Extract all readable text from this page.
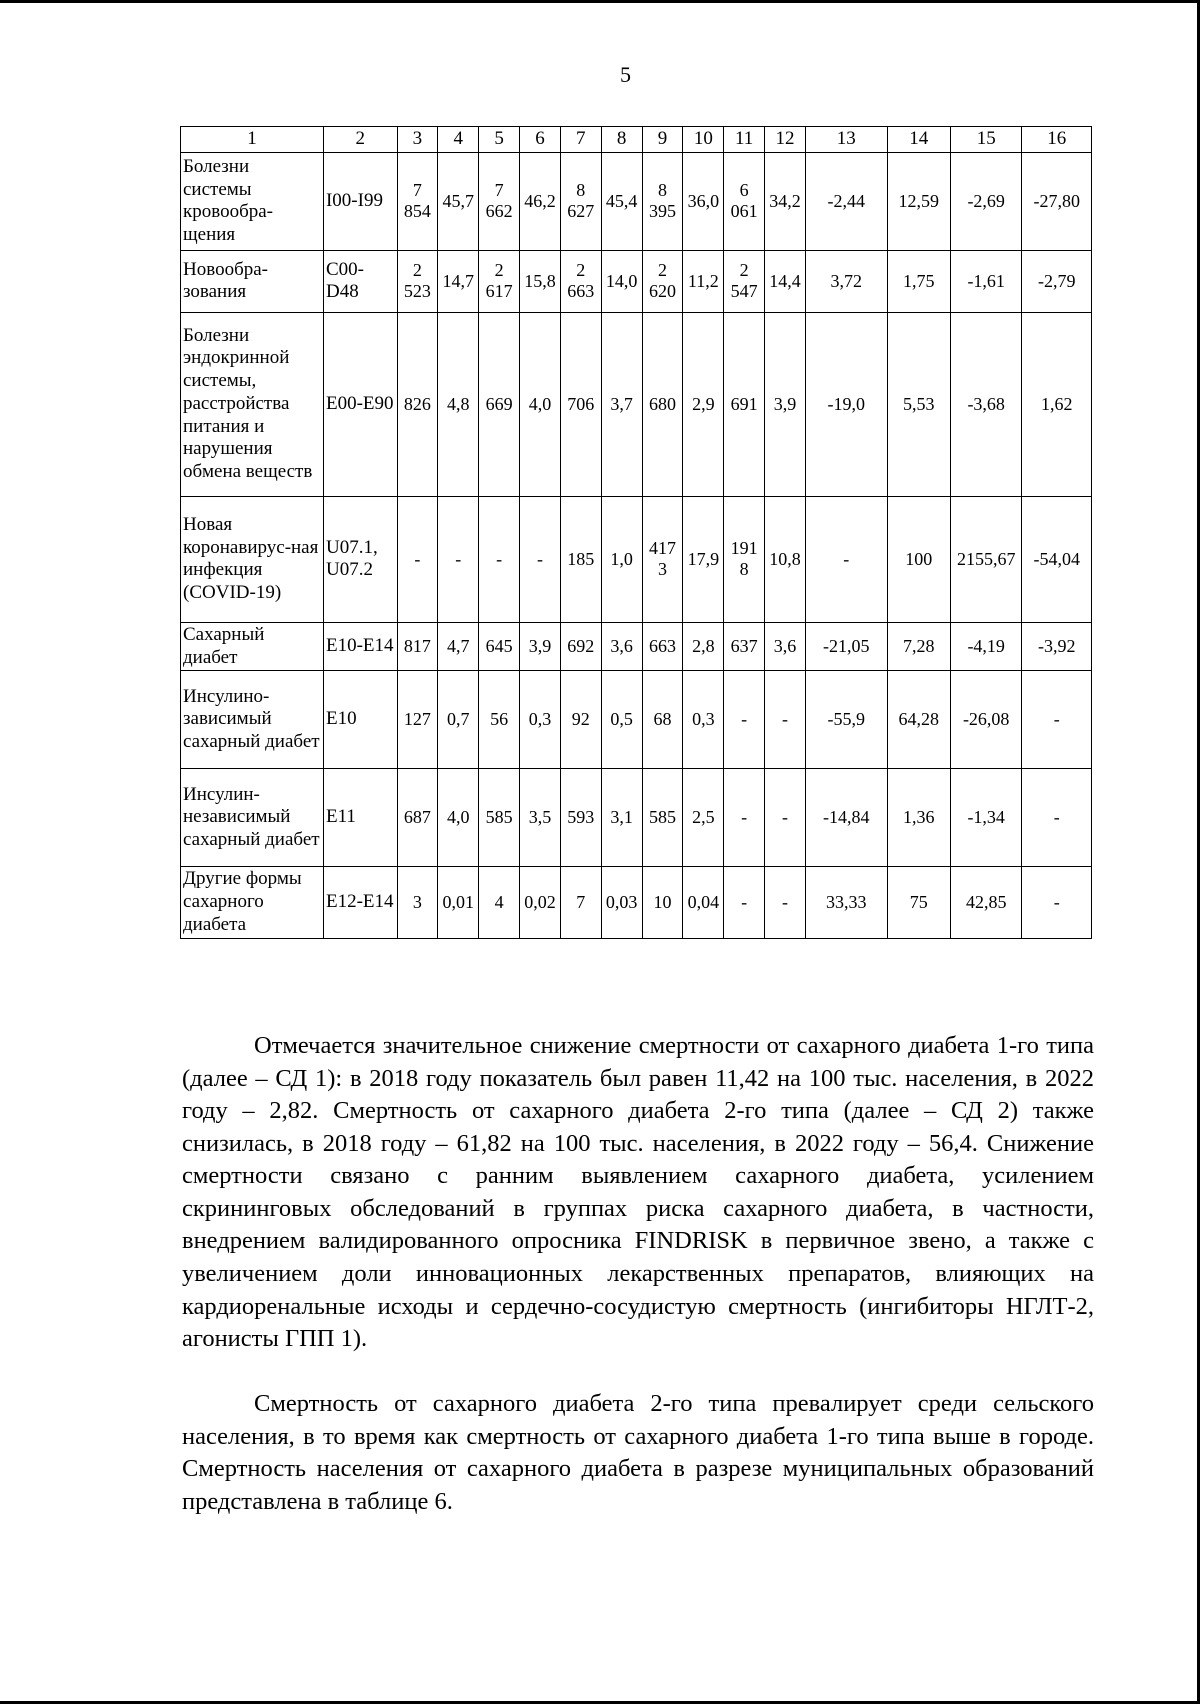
5
1	2	3	4	5	6	7	8	9	10	11	12	13	14	15	16
Болезни системы кровообра-щения	I00-I99	7 854	45,7	7 662	46,2	8 627	45,4	8 395	36,0	6 061	34,2	-2,44	12,59	-2,69	-27,80
Новообра-зования	C00-D48	2 523	14,7	2 617	15,8	2 663	14,0	2 620	11,2	2 547	14,4	3,72	1,75	-1,61	-2,79
Болезни эндокринной системы, расстройства питания и нарушения обмена веществ	E00-E90	826	4,8	669	4,0	706	3,7	680	2,9	691	3,9	-19,0	5,53	-3,68	1,62
Новая коронавирус-ная инфекция (COVID-19)	U07.1, U07.2	-	-	-	-	185	1,0	4173	17,9	1918	10,8	-	100	2155,67	-54,04
Сахарный диабет	E10-E14	817	4,7	645	3,9	692	3,6	663	2,8	637	3,6	-21,05	7,28	-4,19	-3,92
Инсулино-зависимый сахарный диабет	E10	127	0,7	56	0,3	92	0,5	68	0,3	-	-	-55,9	64,28	-26,08	-
Инсулин-независимый сахарный диабет	E11	687	4,0	585	3,5	593	3,1	585	2,5	-	-	-14,84	1,36	-1,34	-
Другие формы сахарного диабета	E12-E14	3	0,01	4	0,02	7	0,03	10	0,04	-	-	33,33	75	42,85	-

Отмечается значительное снижение смертности от сахарного диабета 1-го типа (далее – СД 1): в 2018 году показатель был равен 11,42 на 100 тыс. населения, в 2022 году – 2,82. Смертность от сахарного диабета 2-го типа (далее – СД 2) также снизилась, в 2018 году – 61,82 на 100 тыс. населения, в 2022 году – 56,4. Снижение смертности связано с ранним выявлением сахарного диабета, усилением скрининговых обследований в группах риска сахарного диабета, в частности, внедрением валидированного опросника FINDRISK в первичное звено, а также с увеличением доли инновационных лекарственных препаратов, влияющих на кардиоренальные исходы и сердечно-сосудистую смертность (ингибиторы НГЛТ-2, агонисты ГПП 1).

Смертность от сахарного диабета 2-го типа превалирует среди сельского населения, в то время как смертность от сахарного диабета 1-го типа выше в городе. Смертность населения от сахарного диабета в разрезе муниципальных образований представлена в таблице 6.
